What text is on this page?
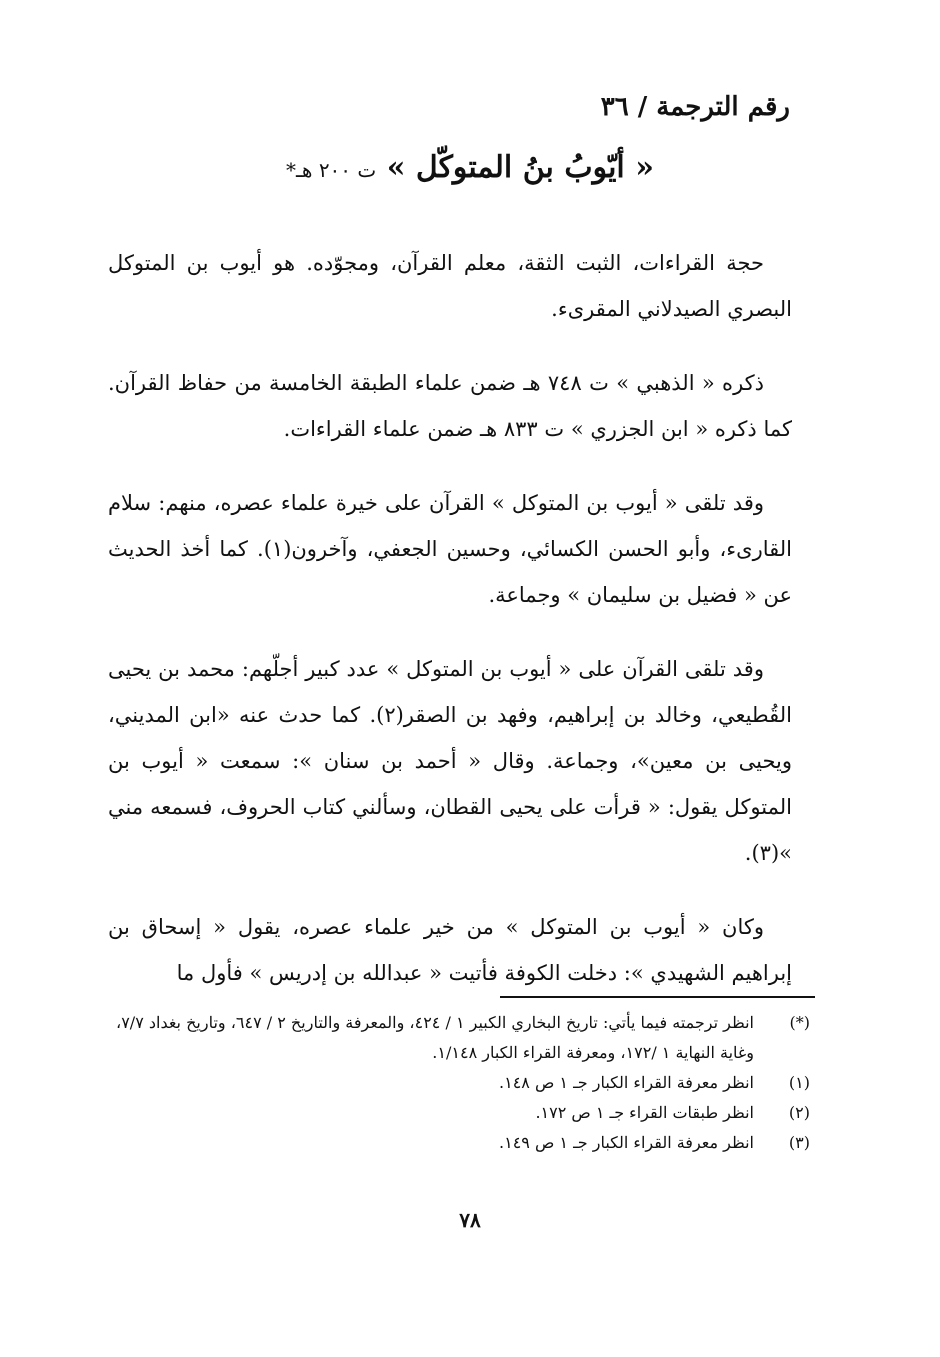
رقم الترجمة / ٣٦
« أيّوبُ بنُ المتوكّل » ت ٢٠٠ هـ*

حجة القراءات، الثبت الثقة، معلم القرآن، ومجوّده. هو أيوب بن المتوكل البصري الصيدلاني المقرىء.

ذكره « الذهبي » ت ٧٤٨ هـ ضمن علماء الطبقة الخامسة من حفاظ القرآن. كما ذكره « ابن الجزري » ت ٨٣٣ هـ ضمن علماء القراءات.

وقد تلقى « أيوب بن المتوكل » القرآن على خيرة علماء عصره، منهم: سلام القارىء، وأبو الحسن الكسائي، وحسين الجعفي، وآخرون(١). كما أخذ الحديث عن « فضيل بن سليمان » وجماعة.

وقد تلقى القرآن على « أيوب بن المتوكل » عدد كبير أجلّهم: محمد بن يحيى القُطيعي، وخالد بن إبراهيم، وفهد بن الصقر(٢). كما حدث عنه «ابن المديني، ويحيى بن معين»، وجماعة. وقال « أحمد بن سنان »: سمعت « أيوب بن المتوكل يقول: « قرأت على يحيى القطان، وسألني كتاب الحروف، فسمعه مني »(٣).

وكان « أيوب بن المتوكل » من خير علماء عصره، يقول « إسحاق بن إبراهيم الشهيدي »: دخلت الكوفة فأتيت « عبدالله بن إدريس » فأول ما

(*)
انظر ترجمته فيما يأتي: تاريخ البخاري الكبير ١ / ٤٢٤، والمعرفة والتاريخ ٢ / ٦٤٧، وتاريخ بغداد ٧/٧، وغاية النهاية ١ /١٧٢، ومعرفة القراء الكبار ١/١٤٨.
(١)
انظر معرفة القراء الكبار جـ ١ ص ١٤٨.
(٢)
انظر طبقات القراء جـ ١ ص ١٧٢.
(٣)
انظر معرفة القراء الكبار جـ ١ ص ١٤٩.
٧٨
